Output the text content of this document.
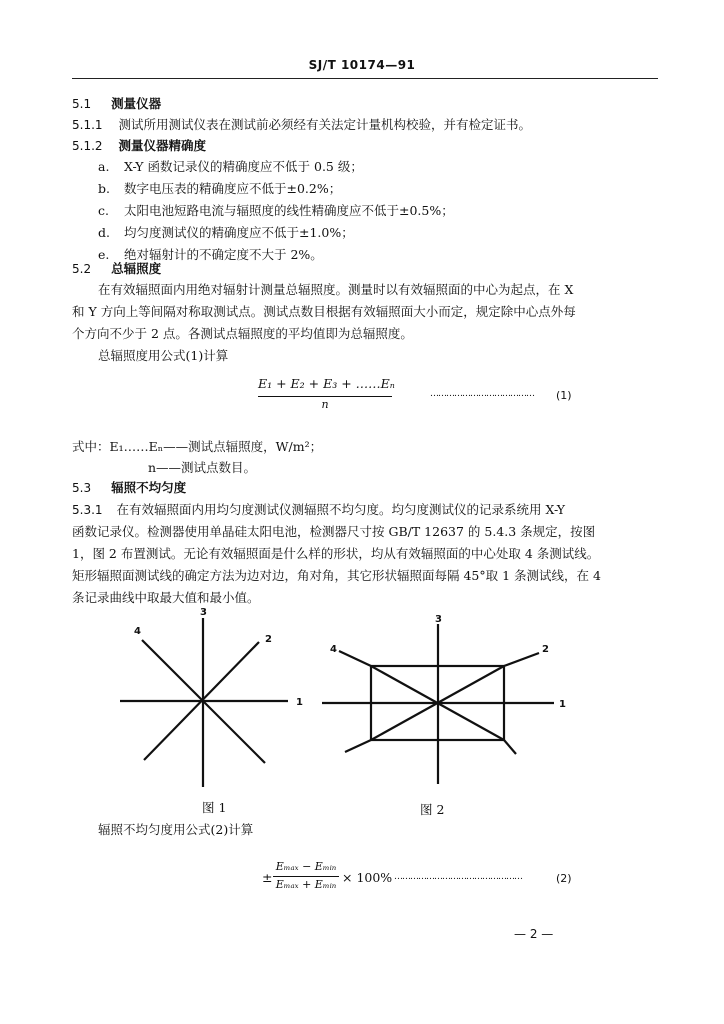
SJ/T 10174—91
5.1 测量仪器
5.1.1 测试所用测试仪表在测试前必须经有关法定计量机构校验，并有检定证书。
5.1.2 测量仪器精确度
a. X-Y 函数记录仪的精确度应不低于 0.5 级；
b. 数字电压表的精确度应不低于±0.2%；
c. 太阳电池短路电流与辐照度的线性精确度应不低于±0.5%；
d. 均匀度测试仪的精确度应不低于±1.0%；
e. 绝对辐射计的不确定度不大于 2%。
5.2 总辐照度
在有效辐照面内用绝对辐射计测量总辐照度。测量时以有效辐照面的中心为起点，在 X
和 Y 方向上等间隔对称取测试点。测试点数目根据有效辐照面大小而定，规定除中心点外每
个方向不少于 2 点。各测试点辐照度的平均值即为总辐照度。
总辐照度用公式(1)计算
E₁ + E₂ + E₃ + ……Eₙ
n
………………………………… (1)
式中：E₁……Eₙ——测试点辐照度，W/m²；
n——测试点数目。
5.3 辐照不均匀度
5.3.1 在有效辐照面内用均匀度测试仪测辐照不均匀度。均匀度测试仪的记录系统用 X-Y
函数记录仪。检测器使用单晶硅太阳电池，检测器尺寸按 GB/T 12637 的 5.4.3 条规定，按图
1，图 2 布置测试。无论有效辐照面是什么样的形状，均从有效辐照面的中心处取 4 条测试线。
矩形辐照面测试线的确定方法为边对边，角对角，其它形状辐照面每隔 45°取 1 条测试线，在 4
条记录曲线中取最大值和最小值。
1
2
3
4
图 1
1
2
3
4
图 2
辐照不均匀度用公式(2)计算
±
Eₘₐₓ − Eₘᵢₙ
Eₘₐₓ + Eₘᵢₙ × 100% …………………………………………	(2)
— 2 —
